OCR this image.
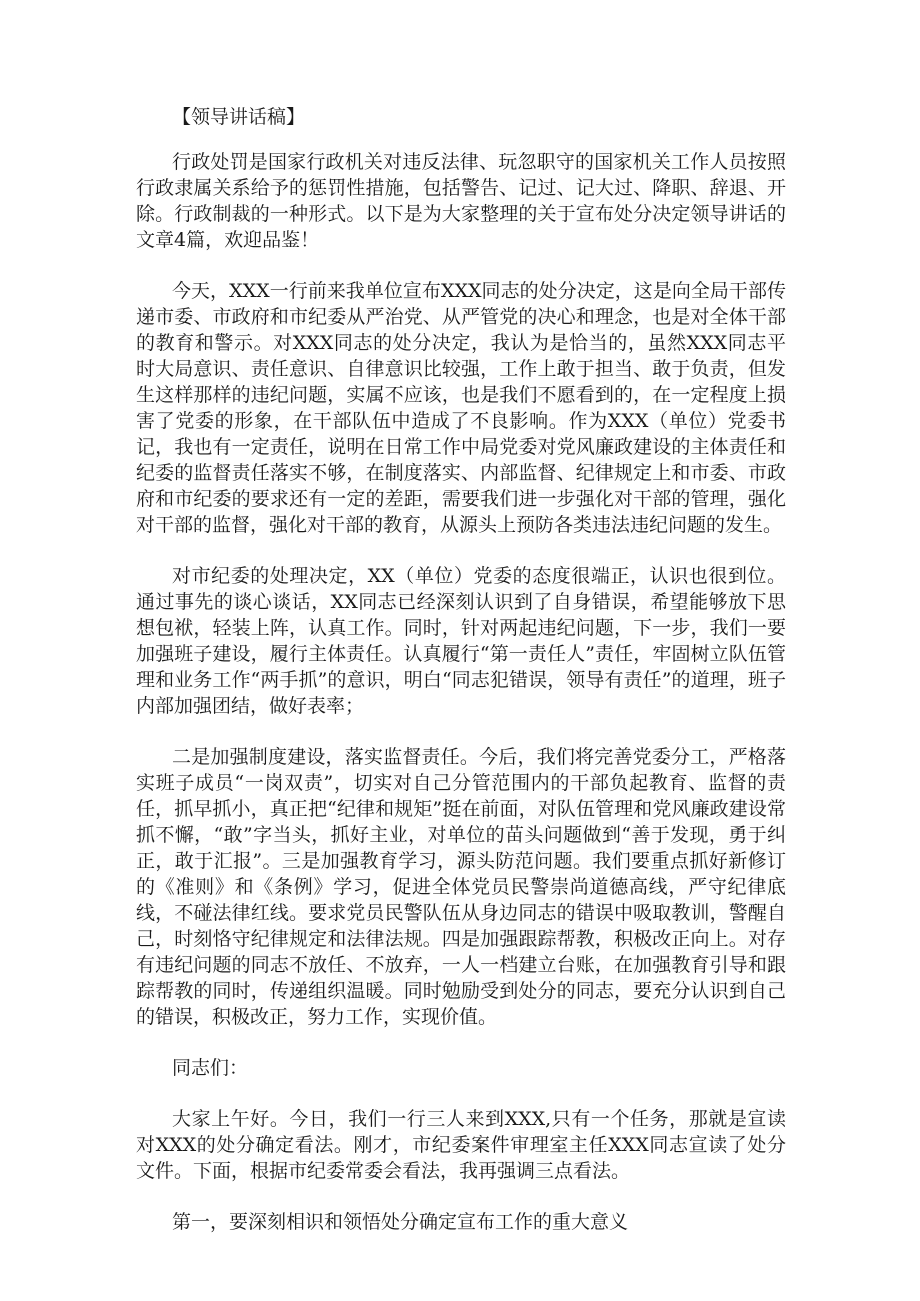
【领导讲话稿】

行政处罚是国家行政机关对违反法律、玩忽职守的国家机关工作人员按照行政隶属关系给予的惩罚性措施，包括警告、记过、记大过、降职、辞退、开除。行政制裁的一种形式。以下是为大家整理的关于宣布处分决定领导讲话的文章4篇，欢迎品鉴！

今天，XXX一行前来我单位宣布XXX同志的处分决定，这是向全局干部传递市委、市政府和市纪委从严治党、从严管党的决心和理念，也是对全体干部的教育和警示。对XXX同志的处分决定，我认为是恰当的，虽然XXX同志平时大局意识、责任意识、自律意识比较强，工作上敢于担当、敢于负责，但发生这样那样的违纪问题，实属不应该，也是我们不愿看到的，在一定程度上损害了党委的形象，在干部队伍中造成了不良影响。作为XXX（单位）党委书记，我也有一定责任，说明在日常工作中局党委对党风廉政建设的主体责任和纪委的监督责任落实不够，在制度落实、内部监督、纪律规定上和市委、市政府和市纪委的要求还有一定的差距，需要我们进一步强化对干部的管理，强化对干部的监督，强化对干部的教育，从源头上预防各类违法违纪问题的发生。

对市纪委的处理决定，XX（单位）党委的态度很端正，认识也很到位。通过事先的谈心谈话，XX同志已经深刻认识到了自身错误，希望能够放下思想包袱，轻装上阵，认真工作。同时，针对两起违纪问题，下一步，我们一要加强班子建设，履行主体责任。认真履行“第一责任人”责任，牢固树立队伍管理和业务工作“两手抓”的意识，明白“同志犯错误，领导有责任”的道理，班子内部加强团结，做好表率；

二是加强制度建设，落实监督责任。今后，我们将完善党委分工，严格落实班子成员“一岗双责”，切实对自己分管范围内的干部负起教育、监督的责任，抓早抓小，真正把“纪律和规矩”挺在前面，对队伍管理和党风廉政建设常抓不懈，“敢”字当头，抓好主业，对单位的苗头问题做到“善于发现，勇于纠正，敢于汇报”。三是加强教育学习，源头防范问题。我们要重点抓好新修订的《准则》和《条例》学习，促进全体党员民警崇尚道德高线，严守纪律底线，不碰法律红线。要求党员民警队伍从身边同志的错误中吸取教训，警醒自己，时刻恪守纪律规定和法律法规。四是加强跟踪帮教，积极改正向上。对存有违纪问题的同志不放任、不放弃，一人一档建立台账，在加强教育引导和跟踪帮教的同时，传递组织温暖。同时勉励受到处分的同志，要充分认识到自己的错误，积极改正，努力工作，实现价值。

同志们：

大家上午好。今日，我们一行三人来到XXX,只有一个任务，那就是宣读对XXX的处分确定看法。刚才，市纪委案件审理室主任XXX同志宣读了处分文件。下面，根据市纪委常委会看法，我再强调三点看法。

第一，要深刻相识和领悟处分确定宣布工作的重大意义
